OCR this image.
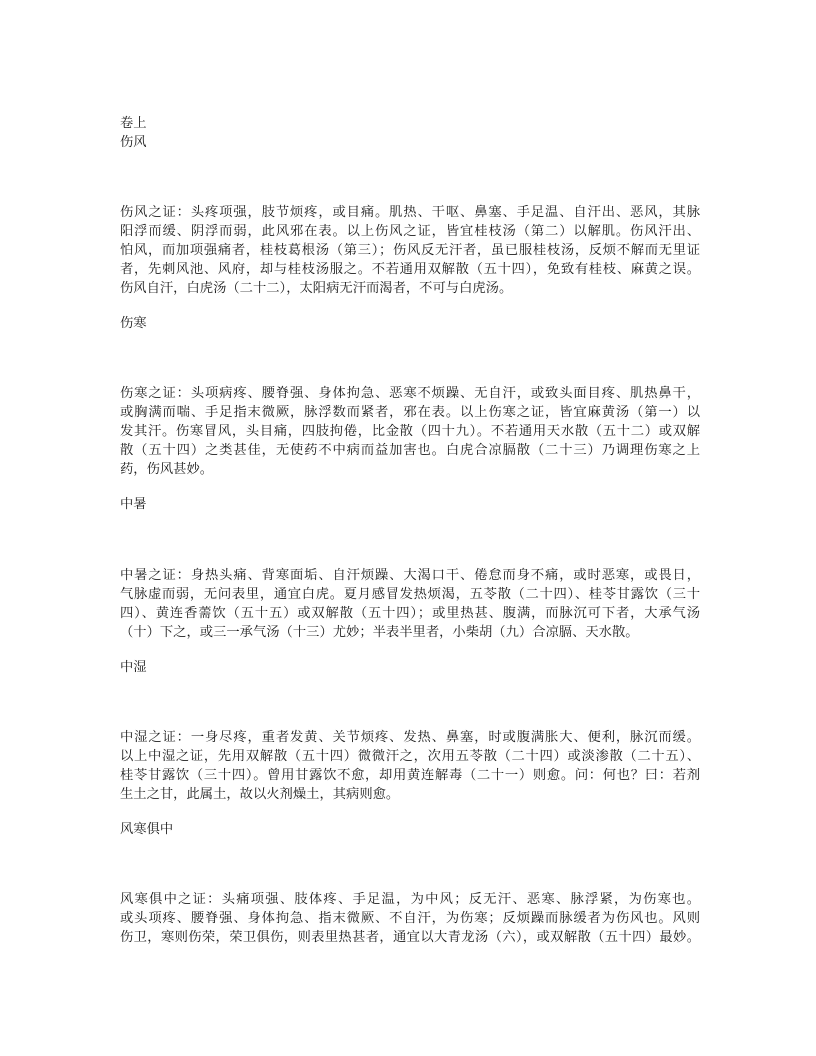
卷上
伤风
伤风之证：头疼项强，肢节烦疼，或目痛。肌热、干呕、鼻塞、手足温、自汗出、恶风，其脉
阳浮而缓、阴浮而弱，此风邪在表。以上伤风之证，皆宜桂枝汤（第二）以解肌。伤风汗出、
怕风，而加项强痛者，桂枝葛根汤（第三）；伤风反无汗者，虽已服桂枝汤，反烦不解而无里证
者，先刺风池、风府，却与桂枝汤服之。不若通用双解散（五十四），免致有桂枝、麻黄之误。
伤风自汗，白虎汤（二十二），太阳病无汗而渴者，不可与白虎汤。
伤寒
伤寒之证：头项病疼、腰脊强、身体拘急、恶寒不烦躁、无自汗，或致头面目疼、肌热鼻干，
或胸满而喘、手足指末微厥，脉浮数而紧者，邪在表。以上伤寒之证，皆宜麻黄汤（第一）以
发其汗。伤寒冒风，头目痛，四肢拘倦，比金散（四十九）。不若通用天水散（五十二）或双解
散（五十四）之类甚佳，无使药不中病而益加害也。白虎合凉膈散（二十三）乃调理伤寒之上
药，伤风甚妙。
中暑
中暑之证：身热头痛、背寒面垢、自汗烦躁、大渴口干、倦怠而身不痛，或时恶寒，或畏日，
气脉虚而弱，无问表里，通宜白虎。夏月感冒发热烦渴，五苓散（二十四）、桂苓甘露饮（三十
四）、黄连香薷饮（五十五）或双解散（五十四）；或里热甚、腹满，而脉沉可下者，大承气汤
（十）下之，或三一承气汤（十三）尤妙；半表半里者，小柴胡（九）合凉膈、天水散。
中湿
中湿之证：一身尽疼，重者发黄、关节烦疼、发热、鼻塞，时或腹满胀大、便利，脉沉而缓。
以上中湿之证，先用双解散（五十四）微微汗之，次用五苓散（二十四）或淡渗散（二十五）、
桂苓甘露饮（三十四）。曾用甘露饮不愈，却用黄连解毒（二十一）则愈。问：何也？曰：若剂
生土之甘，此属土，故以火剂燥土，其病则愈。
风寒俱中
风寒俱中之证：头痛项强、肢体疼、手足温，为中风；反无汗、恶寒、脉浮紧，为伤寒也。
或头项疼、腰脊强、身体拘急、指末微厥、不自汗，为伤寒；反烦躁而脉缓者为伤风也。风则
伤卫，寒则伤荣，荣卫俱伤，则表里热甚者，通宜以大青龙汤（六），或双解散（五十四）最妙。
